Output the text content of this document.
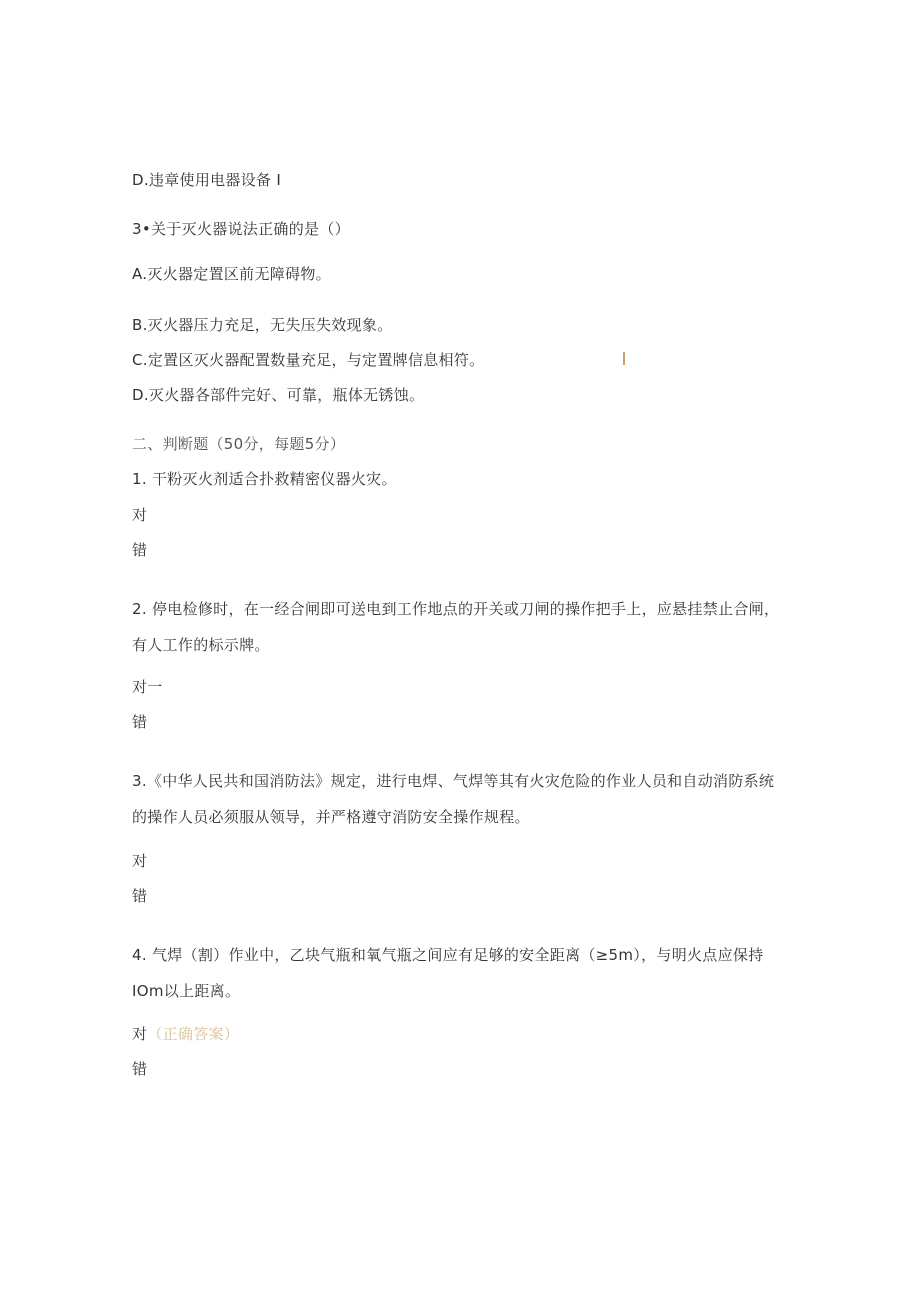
D.违章使用电器设备 I
3•关于灭火器说法正确的是（）
A.灭火器定置区前无障碍物。
B.灭火器压力充足，无失压失效现象。
C.定置区灭火器配置数量充足，与定置牌信息相符。
D.灭火器各部件完好、可靠，瓶体无锈蚀。
二、判断题（50分，每题5分）
1. 干粉灭火剂适合扑救精密仪器火灾。
对
错
2. 停电检修时，在一经合闸即可送电到工作地点的开关或刀闸的操作把手上，应悬挂禁止合闸，有人工作的标示牌。
对一
错
3.《中华人民共和国消防法》规定，进行电焊、气焊等其有火灾危险的作业人员和自动消防系统的操作人员必须服从领导，并严格遵守消防安全操作规程。
对
错
4. 气焊（割）作业中，乙块气瓶和氧气瓶之间应有足够的安全距离（≥5m），与明火点应保持IOm以上距离。
对（正确答案）
错
